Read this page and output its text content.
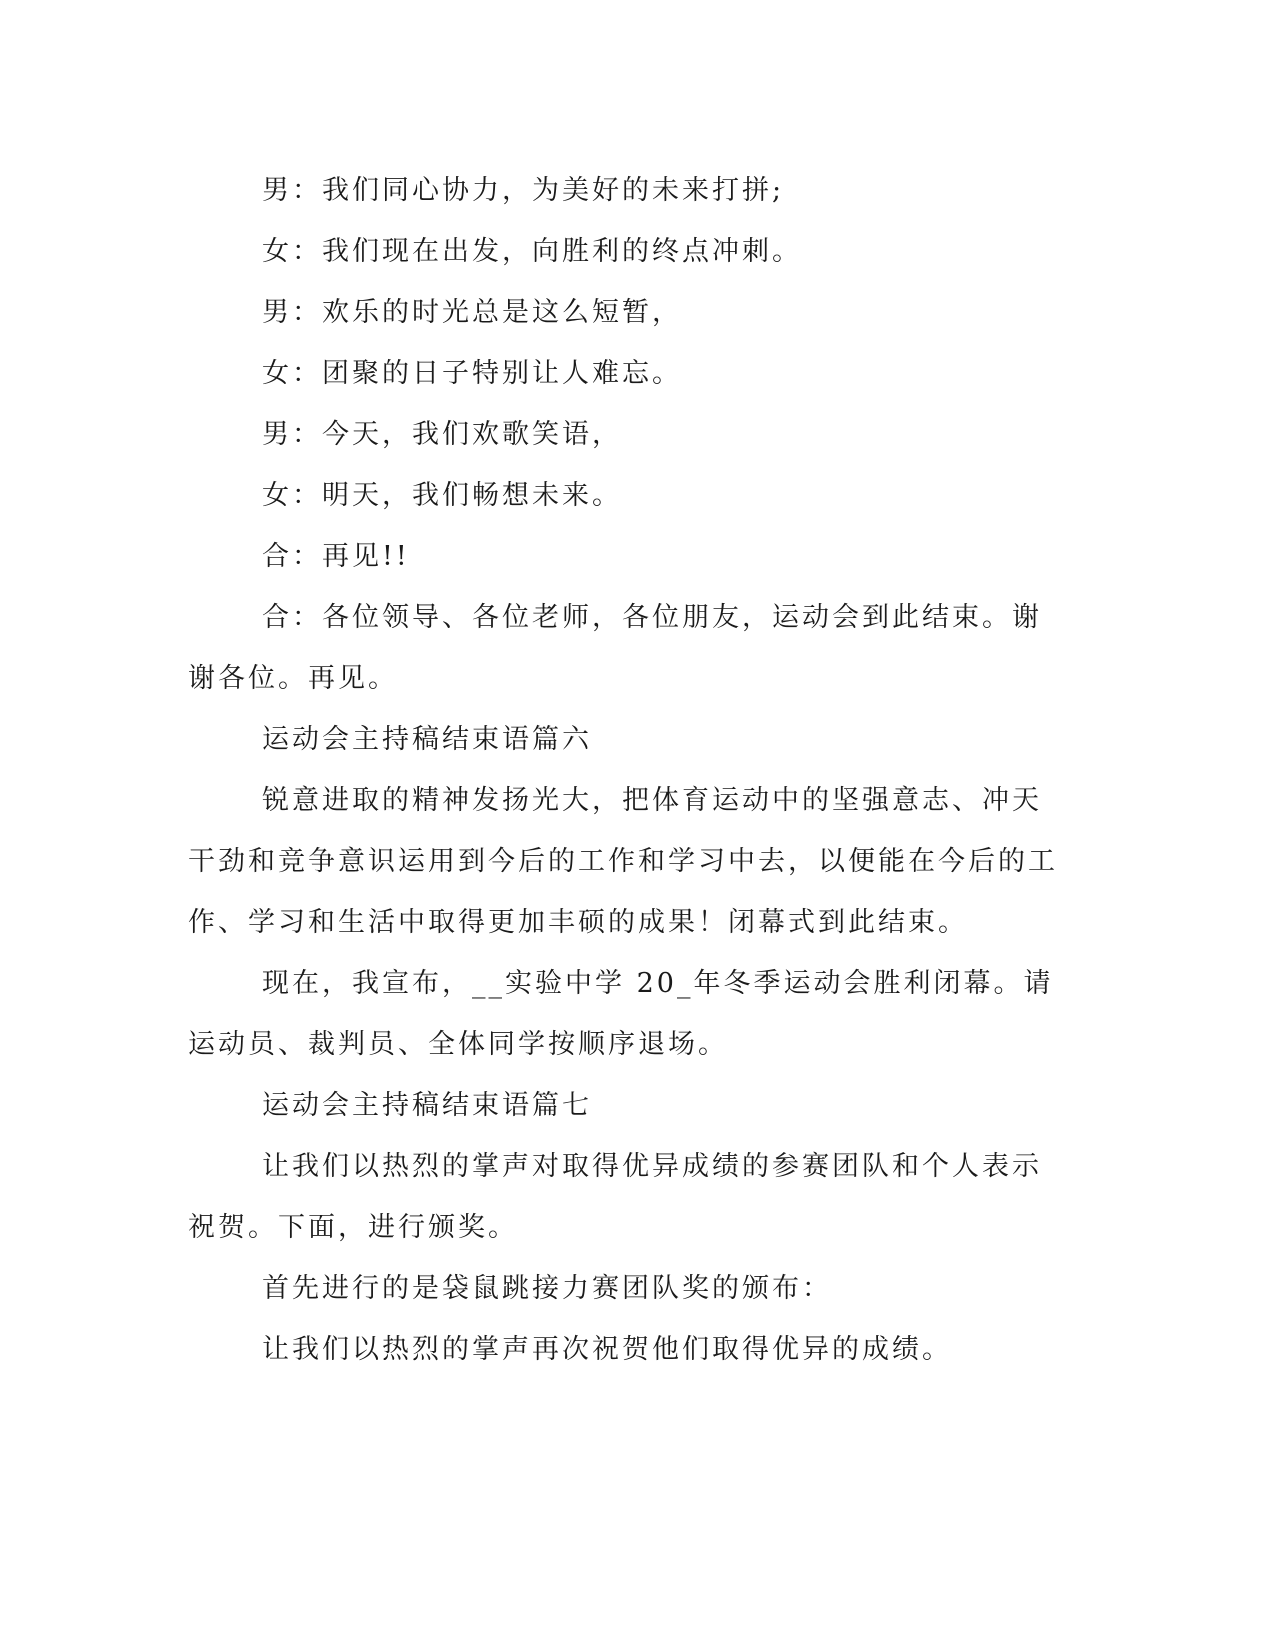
男：我们同心协力，为美好的未来打拼;

女：我们现在出发，向胜利的终点冲刺。

男：欢乐的时光总是这么短暂，

女：团聚的日子特别让人难忘。

男：今天，我们欢歌笑语，

女：明天，我们畅想未来。

合：再见!!

合：各位领导、各位老师，各位朋友，运动会到此结束。谢谢各位。再见。

运动会主持稿结束语篇六

锐意进取的精神发扬光大，把体育运动中的坚强意志、冲天干劲和竞争意识运用到今后的工作和学习中去，以便能在今后的工作、学习和生活中取得更加丰硕的成果！闭幕式到此结束。

现在，我宣布，__实验中学 20_年冬季运动会胜利闭幕。请运动员、裁判员、全体同学按顺序退场。

运动会主持稿结束语篇七

让我们以热烈的掌声对取得优异成绩的参赛团队和个人表示祝贺。下面，进行颁奖。

首先进行的是袋鼠跳接力赛团队奖的颁布：

让我们以热烈的掌声再次祝贺他们取得优异的成绩。
